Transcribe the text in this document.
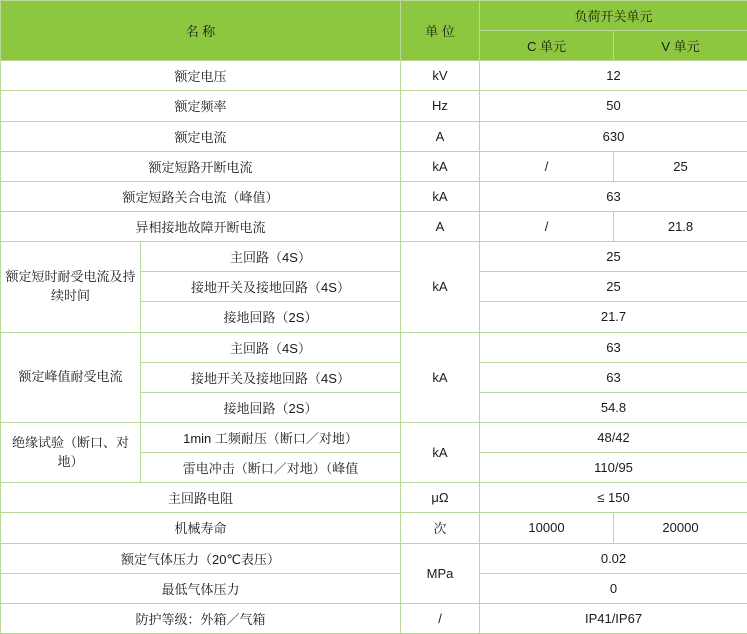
名 称		单 位	负荷开关单元	
			C 单元	V 单元
额定电压		kV	12	
额定频率		Hz	50	
额定电流		A	630	
额定短路开断电流		kA	/	25
额定短路关合电流（峰值）		kA	63	
异相接地故障开断电流		A	/	21.8
额定短时耐受电流及持续时间	主回路（4S）	kA	25	
	接地开关及接地回路（4S）		25	
	接地回路（2S）		21.7	
额定峰值耐受电流	主回路（4S）	kA	63	
	接地开关及接地回路（4S）		63	
	接地回路（2S）		54.8	
绝缘试验（断口、对地）	1min 工频耐压（断口／对地）	kA	48/42	
	雷电冲击（断口／对地）（峰值		110/95	
主回路电阻		μΩ	≤ 150	
机械寿命		次	10000	20000
额定气体压力（20℃表压）		MPa	0.02	
最低气体压力			0	
防护等级：外箱／气箱		/	IP41/IP67	
